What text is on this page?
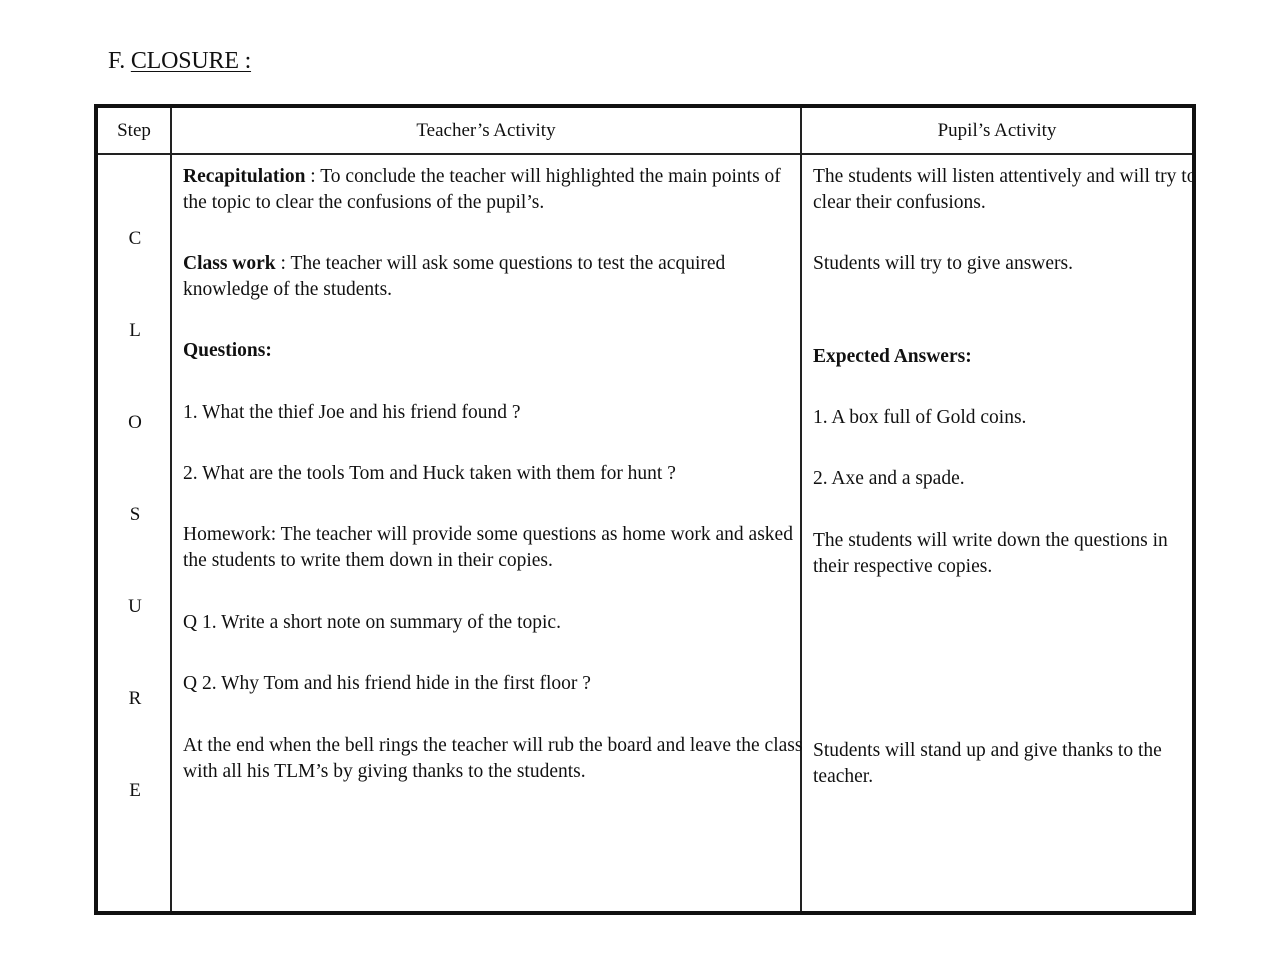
F. CLOSURE :
Step	Teacher’s Activity	Pupil’s Activity
C
L
O
S
U
R
E

Recapitulation : To conclude the teacher will highlighted the main points of the topic to clear the confusions of the pupil’s.

Class work : The teacher will ask some questions to test the acquired knowledge of the students.

Questions:

1. What the thief Joe and his friend found ?

2. What are the tools Tom and Huck taken with them for hunt ?

Homework: The teacher will provide some questions as home work and asked the students to write them down in their copies.

Q 1. Write a short note on summary of the topic.

Q 2. Why Tom and his friend hide in the first floor ?

At the end when the bell rings the teacher will rub the board and leave the class with all his TLM’s by giving thanks to the students.

The students will listen attentively and will try to clear their confusions.

Students will try to give answers.

Expected Answers:

1. A box full of Gold coins.

2. Axe and a spade.

The students will write down the questions in their respective copies.

Students will stand up and give thanks to the teacher.
